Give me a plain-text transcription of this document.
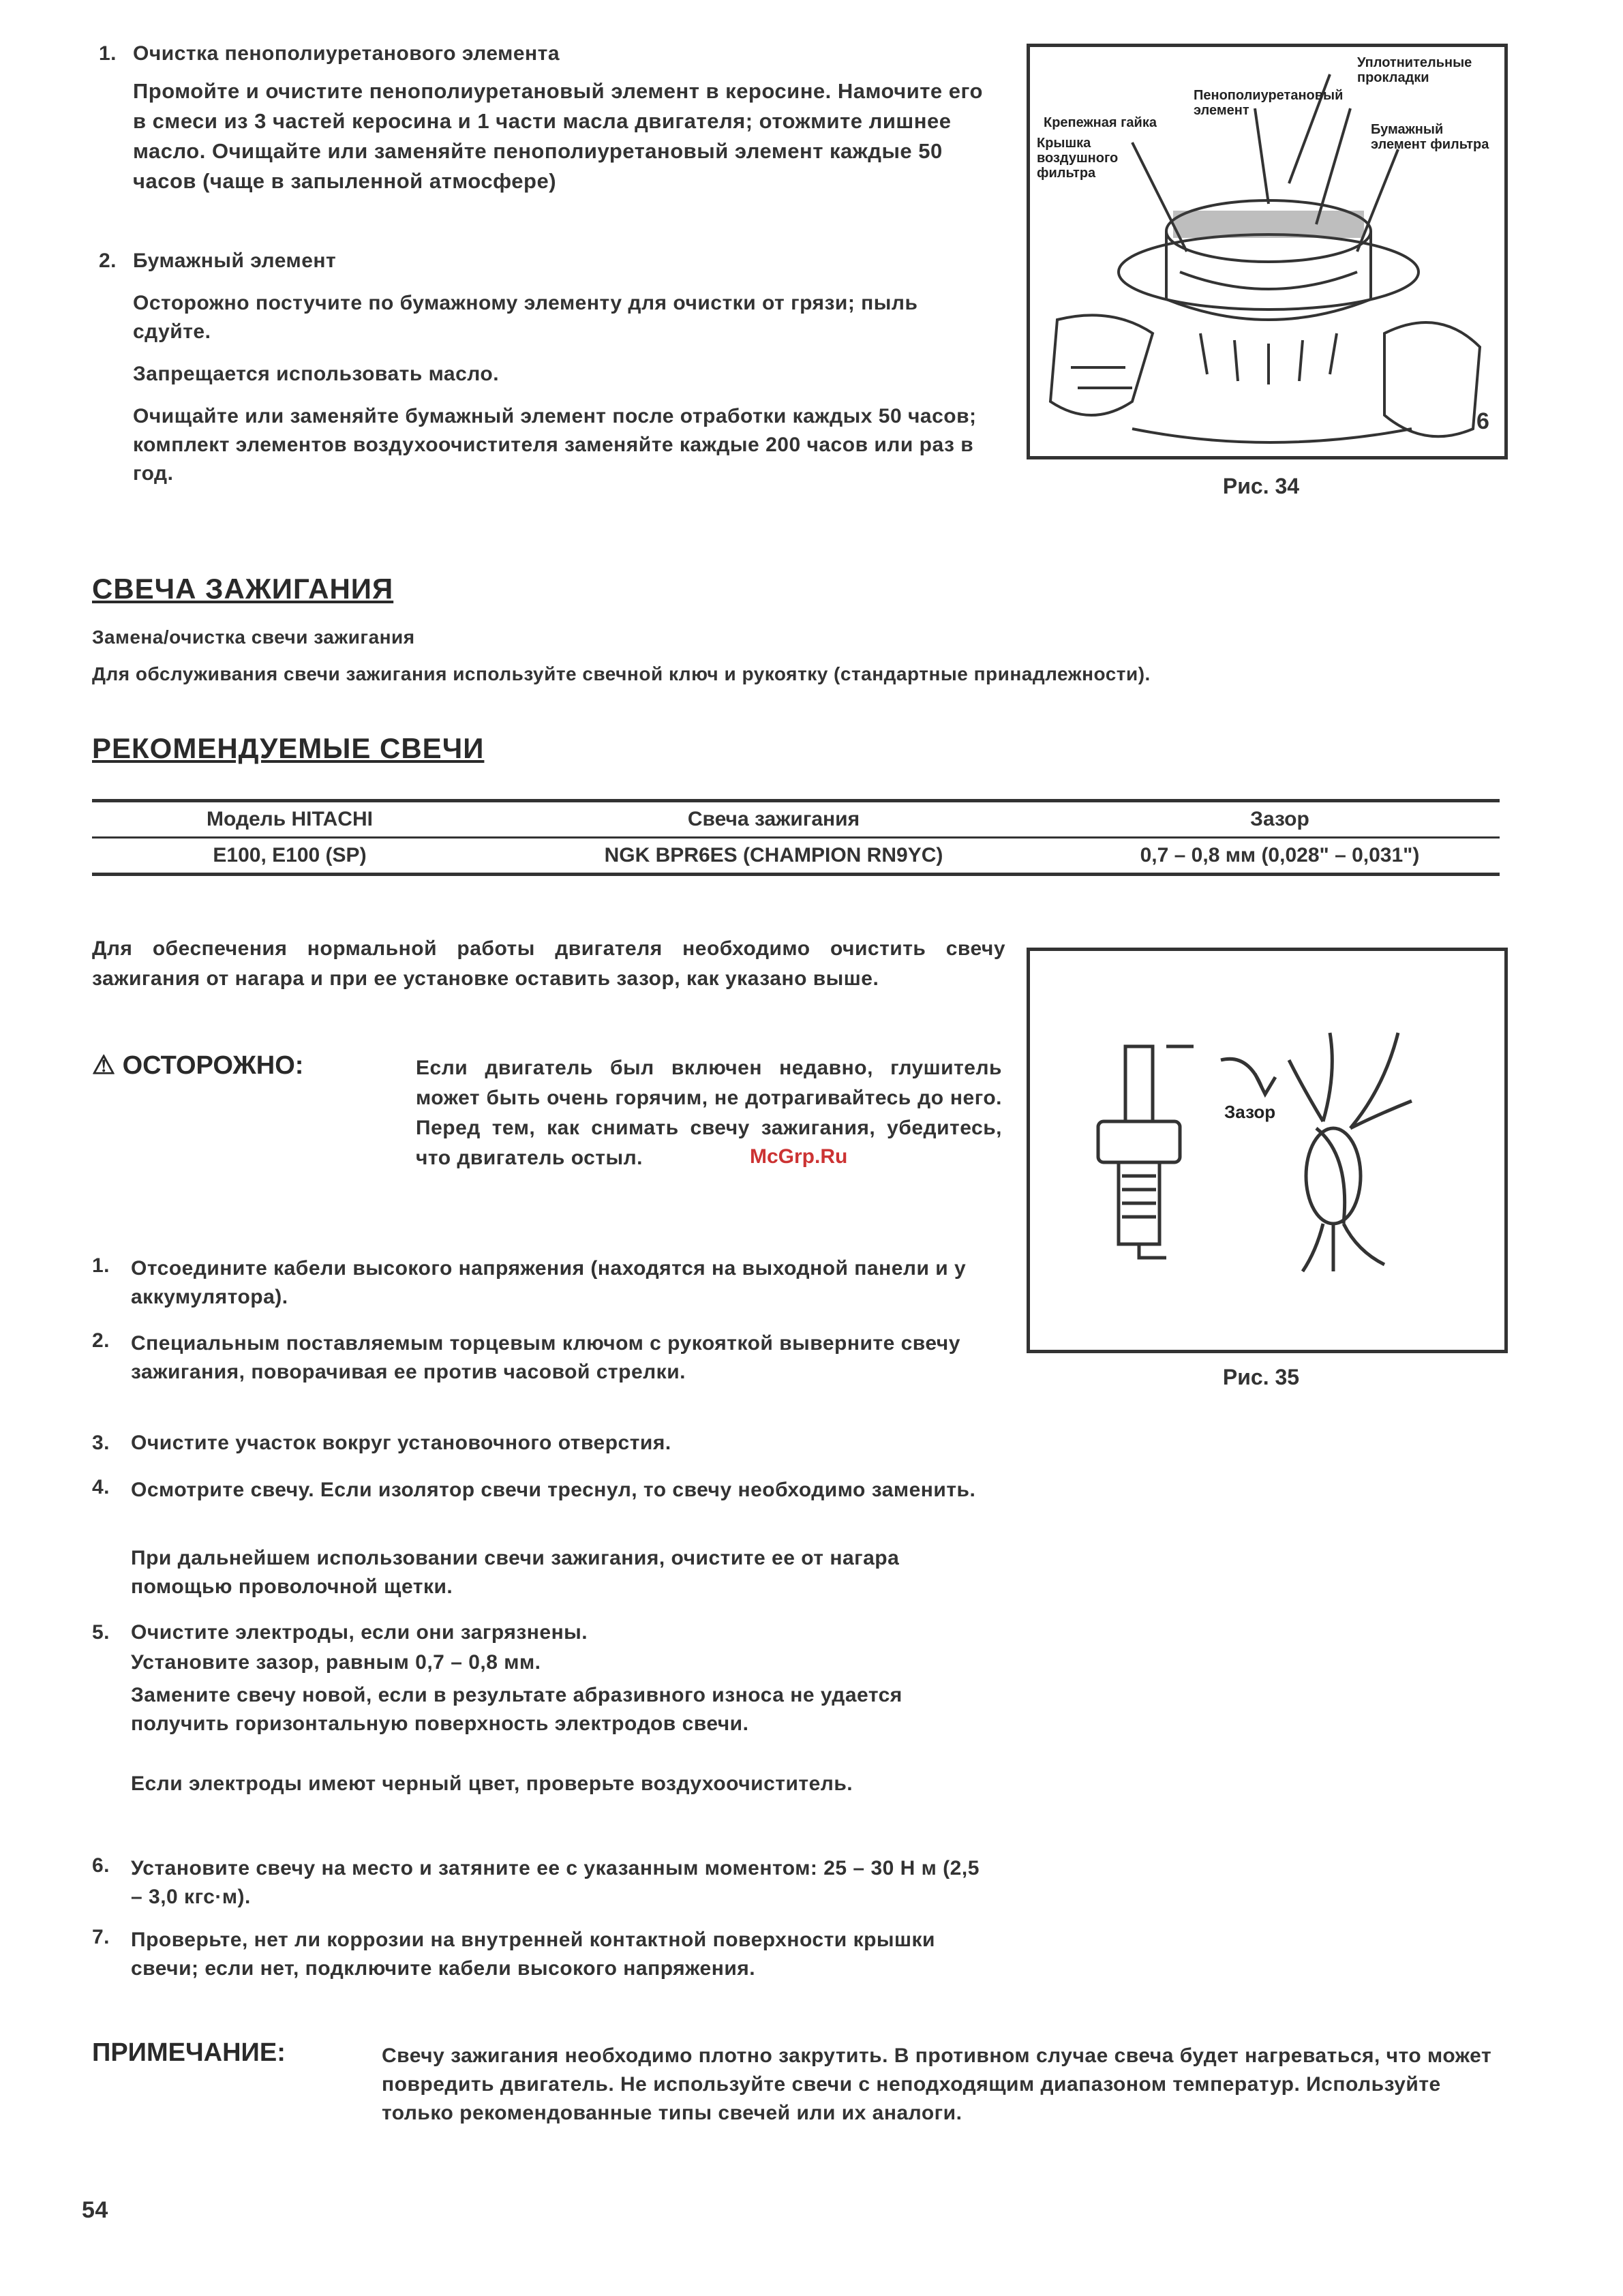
1. Очистка пенополиуретанового элемента
Промойте и очистите пенополиуретановый элемент в керосине. Намочите его в смеси из 3 частей керосина и 1 части масла двигателя; отожмите лишнее масло. Очищайте или заменяйте пенополиуретановый элемент каждые 50 часов (чаще в запыленной атмосфере)
2. Бумажный элемент
Осторожно постучите по бумажному элементу для очистки от грязи; пыль сдуйте.
Запрещается использовать масло.
Очищайте или заменяйте бумажный элемент после отработки каждых 50 часов; комплект элементов воздухоочистителя заменяйте каждые 200 часов или раз в год.
6
Пенополиуретановый элемент
Уплотнительные прокладки
Крепежная гайка
Крышка воздушного фильтра
Бумажный элемент фильтра
Рис. 34
СВЕЧА ЗАЖИГАНИЯ
Замена/очистка свечи зажигания
Для обслуживания свечи зажигания используйте свечной ключ и рукоятку (стандартные принадлежности).
РЕКОМЕНДУЕМЫЕ СВЕЧИ
Модель HITACHI	Свеча зажигания	Зазор
E100, E100 (SP)	NGK BPR6ES (CHAMPION RN9YC)	0,7 – 0,8 мм (0,028" – 0,031")
Для обеспечения нормальной работы двигателя необходимо очистить свечу зажигания от нагара и при ее установке оставить зазор, как указано выше.
⚠ ОСТОРОЖНО:	Если двигатель был включен недавно, глушитель может быть очень горячим, не дотрагивайтесь до него. Перед тем, как снимать свечу зажигания, убедитесь, что двигатель остыл.	McGrp.Ru
1.	Отсоедините кабели высокого напряжения (находятся на выходной панели и у аккумулятора).
2.	Специальным поставляемым торцевым ключом с рукояткой выверните свечу зажигания, поворачивая ее против часовой стрелки.
3.	Очистите участок вокруг установочного отверстия.
4.	Осмотрите свечу. Если изолятор свечи треснул, то свечу необходимо заменить.
При дальнейшем использовании свечи зажигания, очистите ее от нагара помощью проволочной щетки.
5.	Очистите электроды, если они загрязнены.
Установите зазор, равным 0,7 – 0,8 мм.
Замените свечу новой, если в результате абразивного износа не удается получить горизонтальную поверхность электродов свечи.
Если электроды имеют черный цвет, проверьте воздухоочиститель.
6.	Установите свечу на место и затяните ее с указанным моментом: 25 – 30 Н м (2,5 – 3,0 кгс·м).
7.	Проверьте, нет ли коррозии на внутренней контактной поверхности крышки свечи; если нет, подключите кабели высокого напряжения.
ПРИМЕЧАНИЕ:	Свечу зажигания необходимо плотно закрутить. В противном случае свеча будет нагреваться, что может повредить двигатель. Не используйте свечи с неподходящим диапазоном температур. Используйте только рекомендованные типы свечей или их аналоги.
Зазор
Рис. 35
54
